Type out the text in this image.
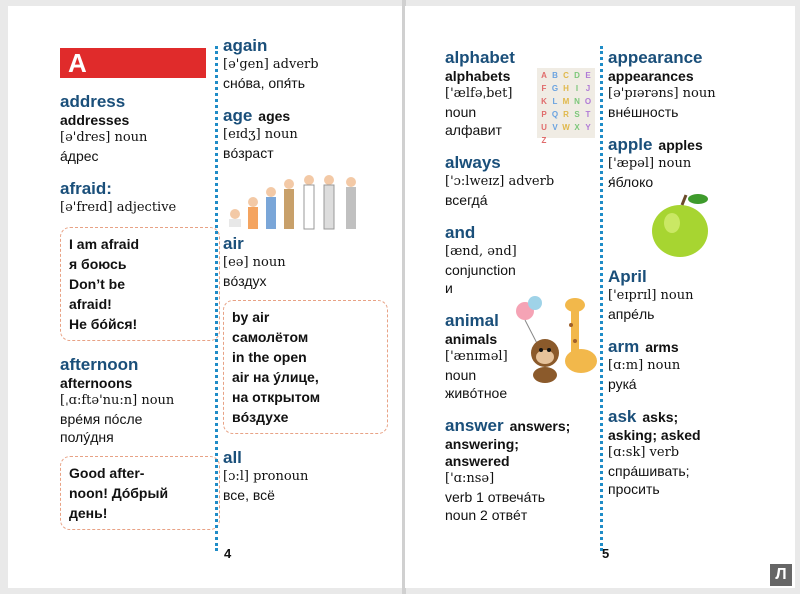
A
address
addresses
[ə'dres] noun
áдрес
afraid:
[ə'freɪd] adjective
I am afraid
я боюсь
Don’t be
afraid!
Не бóйся!
afternoon
afternoons
[ˌɑ:ftə'nu:n] noun
врéмя пóсле
полýдня
Good after-
noon! Дóбрый
день!
again
[ə'gen] adverb
снóва, опя́ть
age ages
[eɪdʒ] noun
вóзраст
air
[eə] noun
вóздух
by air
самолётом
in the open
air на ýлице,
на открытом
вóздухе
all
[ɔ:l] pronoun
все, всё
4
alphabet
alphabets
['ælfəˌbet]
noun
алфавит
A B C D E
F G H I J
K L M N O
P Q R S T
U V W X Y
Z
always
['ɔ:lweɪz] adverb
всегдá
and
[ænd, ənd]
conjunction
и
animal
animals
['ænɪməl]
noun
живóтное
answer answers;
answering;
answered
['ɑ:nsə]
verb 1 отвечáть
noun 2 отвéт
appearance
appearances
[ə'pɪərəns] noun
внéшность
apple apples
['æpəl] noun
я́блоко
April
['eɪprɪl] noun
апрéль
arm arms
[ɑ:m] noun
рукá
ask asks;
asking; asked
[ɑ:sk] verb
спрáшивать;
просить
5
Л
